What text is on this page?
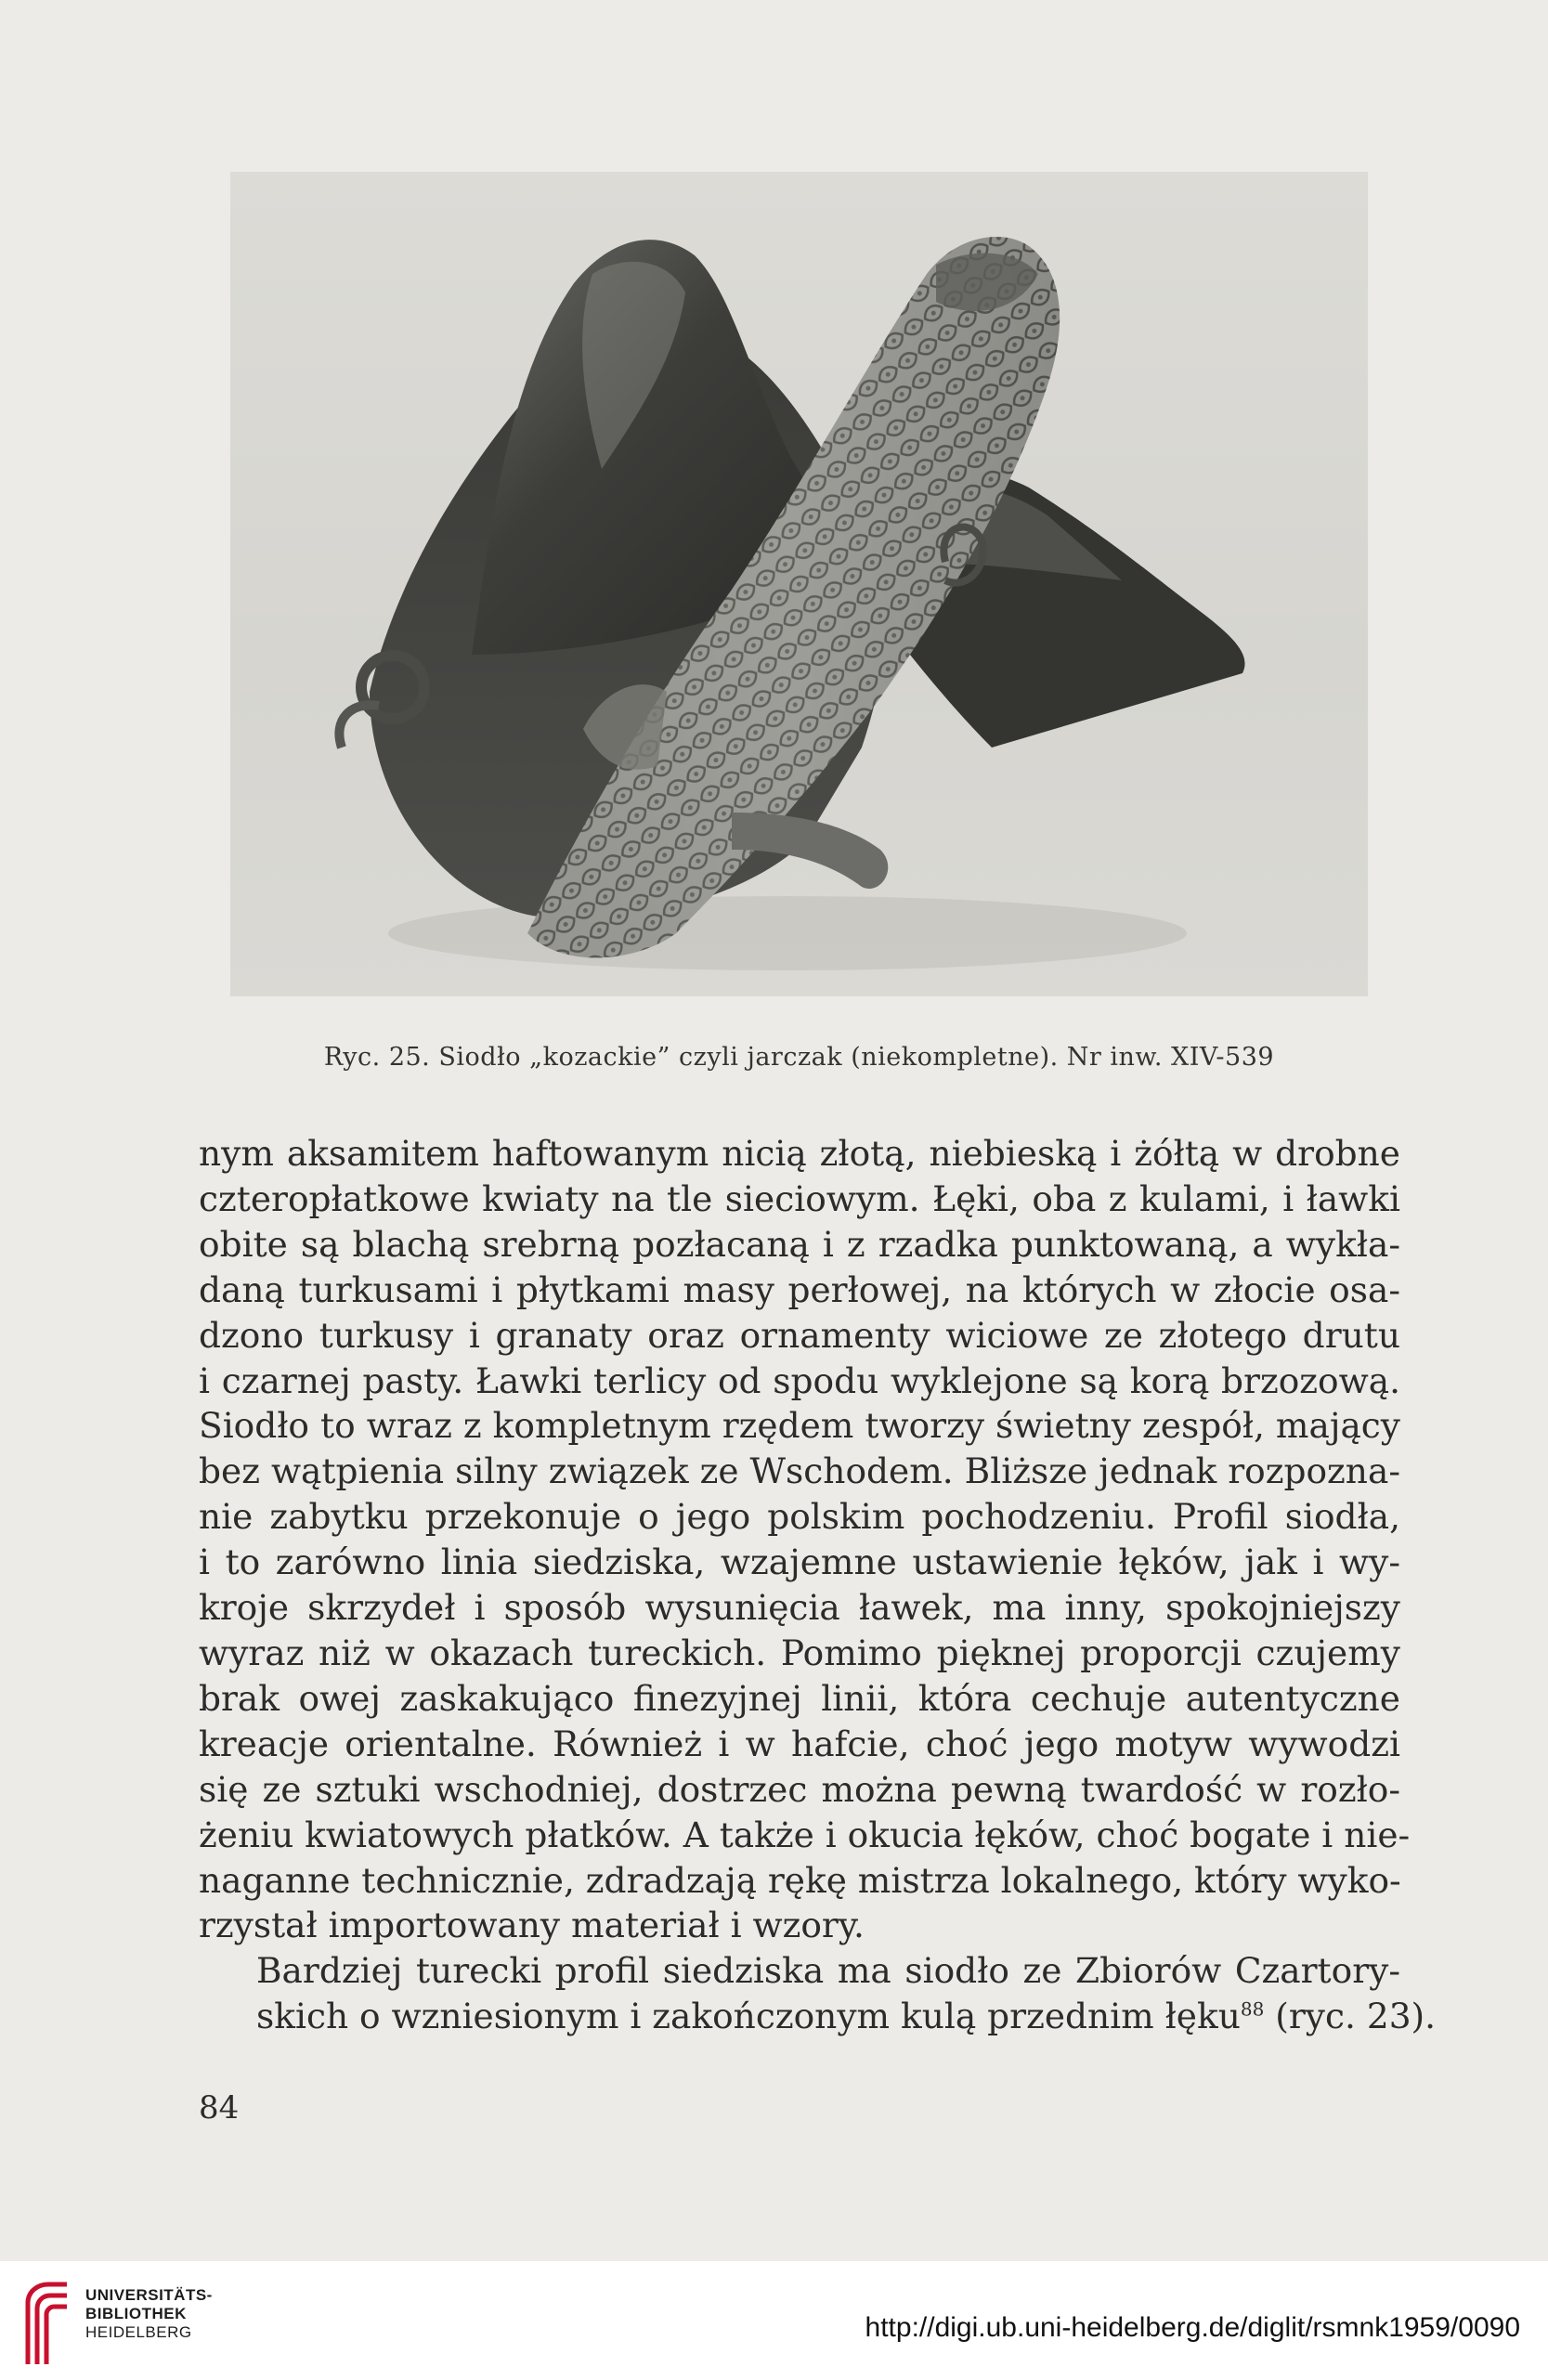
Ryc. 25. Siodło „kozackie” czyli jarczak (niekompletne). Nr inw. XIV-539

nym aksamitem haftowanym nicią złotą, niebieską i żółtą w drobne
czteropłatkowe kwiaty na tle sieciowym. Łęki, oba z kulami, i ławki
obite są blachą srebrną pozłacaną i z rzadka punktowaną, a wykła-
daną turkusami i płytkami masy perłowej, na których w złocie osa-
dzono turkusy i granaty oraz ornamenty wiciowe ze złotego drutu
i czarnej pasty. Ławki terlicy od spodu wyklejone są korą brzozową.
Siodło to wraz z kompletnym rzędem tworzy świetny zespół, mający
bez wątpienia silny związek ze Wschodem. Bliższe jednak rozpozna-
nie zabytku przekonuje o jego polskim pochodzeniu. Profil siodła,
i to zarówno linia siedziska, wzajemne ustawienie łęków, jak i wy-
kroje skrzydeł i sposób wysunięcia ławek, ma inny, spokojniejszy
wyraz niż w okazach tureckich. Pomimo pięknej proporcji czujemy
brak owej zaskakująco finezyjnej linii, która cechuje autentyczne
kreacje orientalne. Również i w hafcie, choć jego motyw wywodzi
się ze sztuki wschodniej, dostrzec można pewną twardość w rozło-
żeniu kwiatowych płatków. A także i okucia łęków, choć bogate i nie-
naganne technicznie, zdradzają rękę mistrza lokalnego, który wyko-
rzystał importowany materiał i wzory.

Bardziej turecki profil siedziska ma siodło ze Zbiorów Czartory-
skich o wzniesionym i zakończonym kulą przednim łęku$^{88}$ (ryc. 23).

84
UNIVERSITÄTS-
BIBLIOTHEK
HEIDELBERG	http://digi.ub.uni-heidelberg.de/diglit/rsmnk1959/0090
